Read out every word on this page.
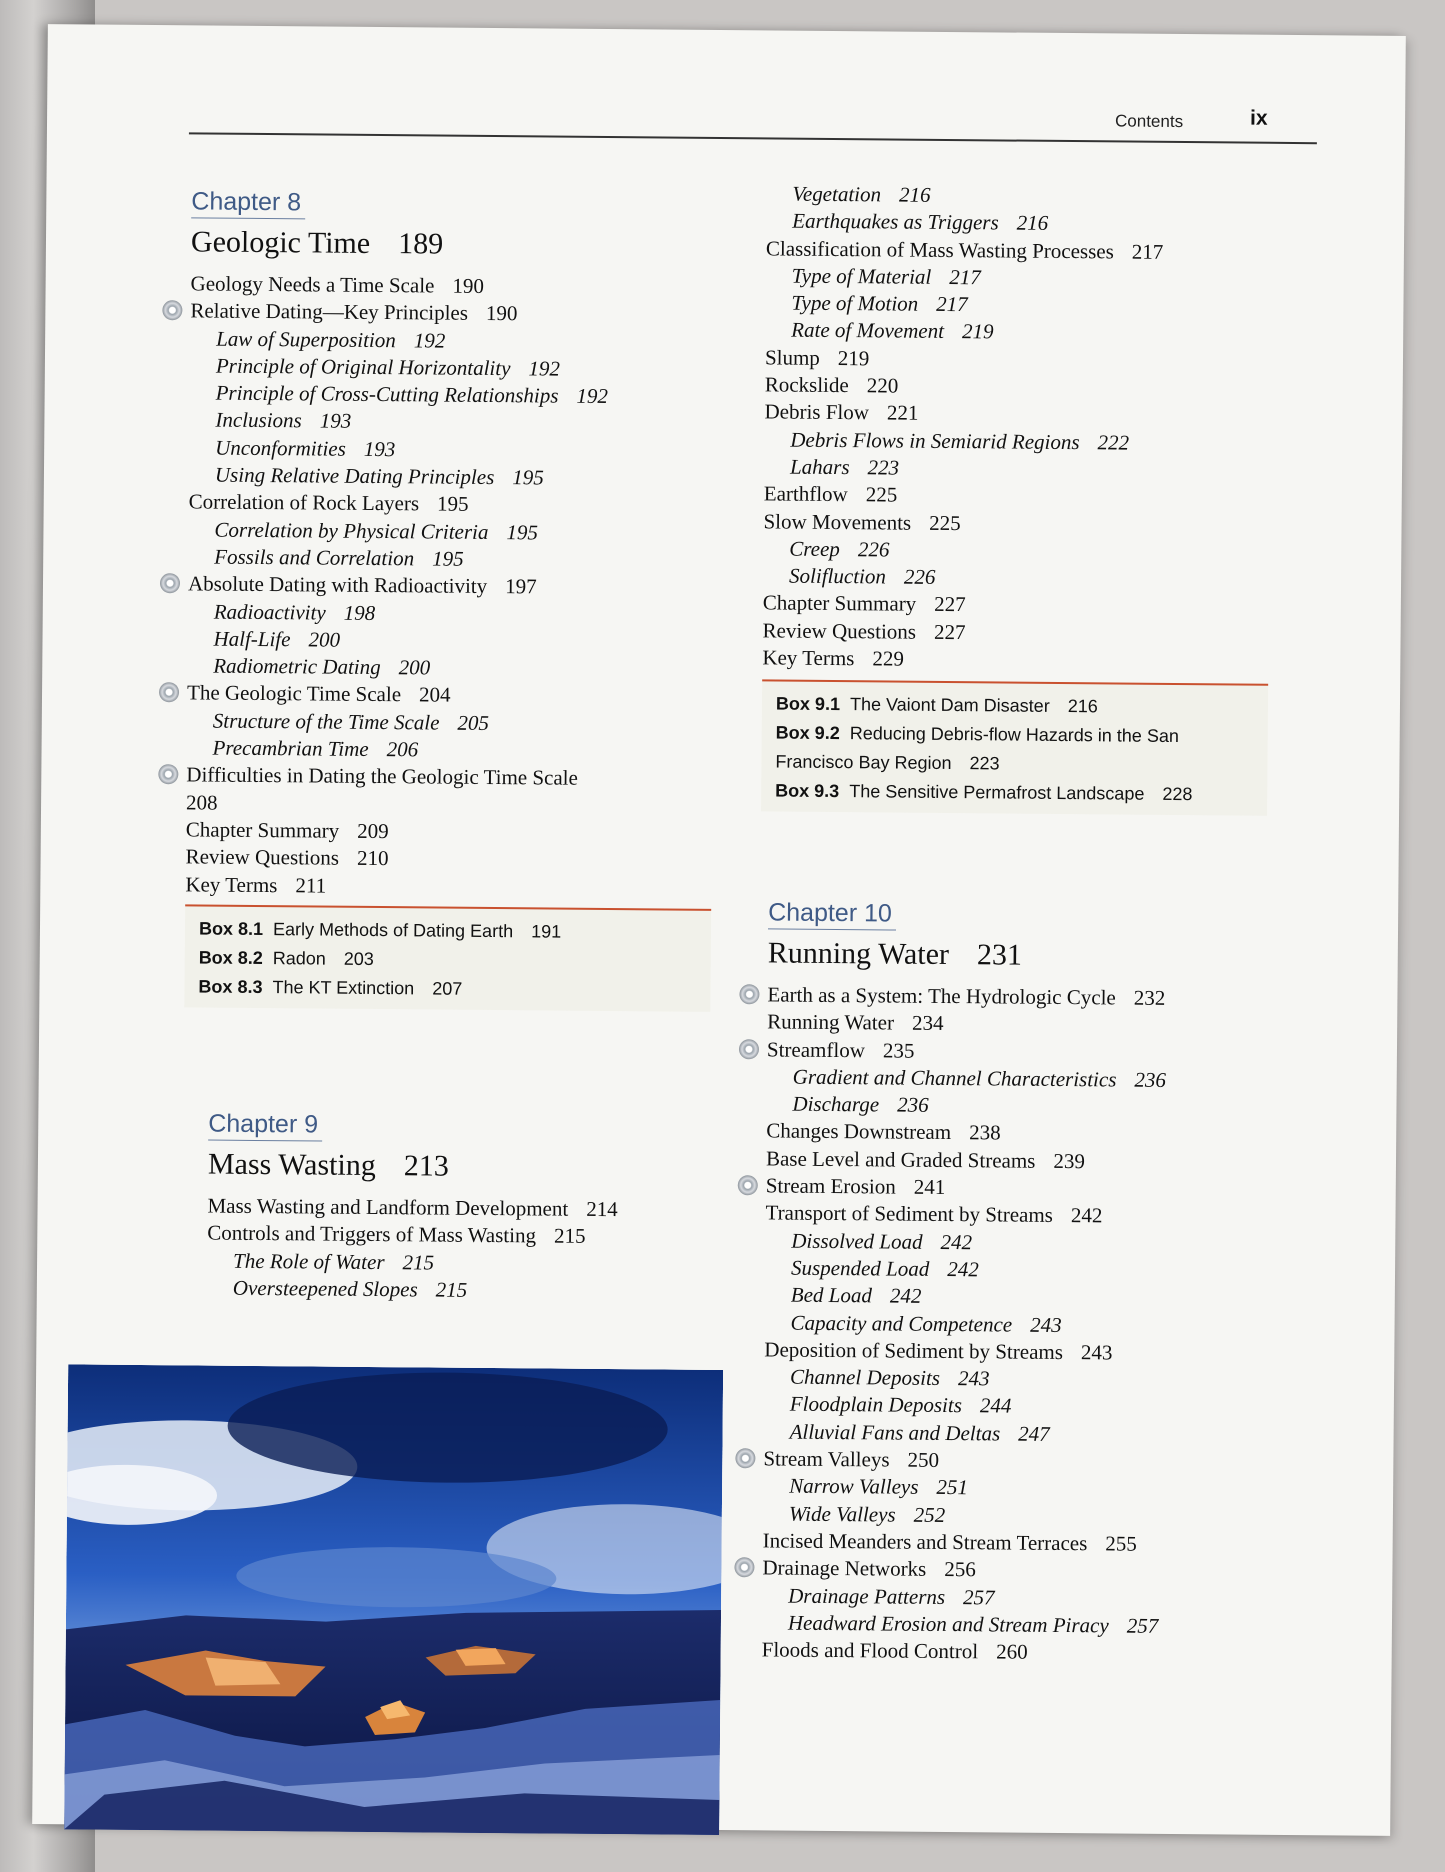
Contents	ix
Chapter 8
Geologic Time 189
Geology Needs a Time Scale 190
Relative Dating—Key Principles 190
Law of Superposition 192
Principle of Original Horizontality 192
Principle of Cross-Cutting Relationships 192
Inclusions 193
Unconformities 193
Using Relative Dating Principles 195
Correlation of Rock Layers 195
Correlation by Physical Criteria 195
Fossils and Correlation 195
Absolute Dating with Radioactivity 197
Radioactivity 198
Half-Life 200
Radiometric Dating 200
The Geologic Time Scale 204
Structure of the Time Scale 205
Precambrian Time 206
Difficulties in Dating the Geologic Time Scale
208
Chapter Summary 209
Review Questions 210
Key Terms 211
Box 8.1 Early Methods of Dating Earth 191
Box 8.2 Radon 203
Box 8.3 The KT Extinction 207
Chapter 9
Mass Wasting 213
Mass Wasting and Landform Development 214
Controls and Triggers of Mass Wasting 215
The Role of Water 215
Oversteepened Slopes 215
Vegetation 216
Earthquakes as Triggers 216
Classification of Mass Wasting Processes 217
Type of Material 217
Type of Motion 217
Rate of Movement 219
Slump 219
Rockslide 220
Debris Flow 221
Debris Flows in Semiarid Regions 222
Lahars 223
Earthflow 225
Slow Movements 225
Creep 226
Solifluction 226
Chapter Summary 227
Review Questions 227
Key Terms 229
Box 9.1 The Vaiont Dam Disaster 216
Box 9.2 Reducing Debris-flow Hazards in the San
Francisco Bay Region 223
Box 9.3 The Sensitive Permafrost Landscape 228
Chapter 10
Running Water 231
Earth as a System: The Hydrologic Cycle 232
Running Water 234
Streamflow 235
Gradient and Channel Characteristics 236
Discharge 236
Changes Downstream 238
Base Level and Graded Streams 239
Stream Erosion 241
Transport of Sediment by Streams 242
Dissolved Load 242
Suspended Load 242
Bed Load 242
Capacity and Competence 243
Deposition of Sediment by Streams 243
Channel Deposits 243
Floodplain Deposits 244
Alluvial Fans and Deltas 247
Stream Valleys 250
Narrow Valleys 251
Wide Valleys 252
Incised Meanders and Stream Terraces 255
Drainage Networks 256
Drainage Patterns 257
Headward Erosion and Stream Piracy 257
Floods and Flood Control 260
